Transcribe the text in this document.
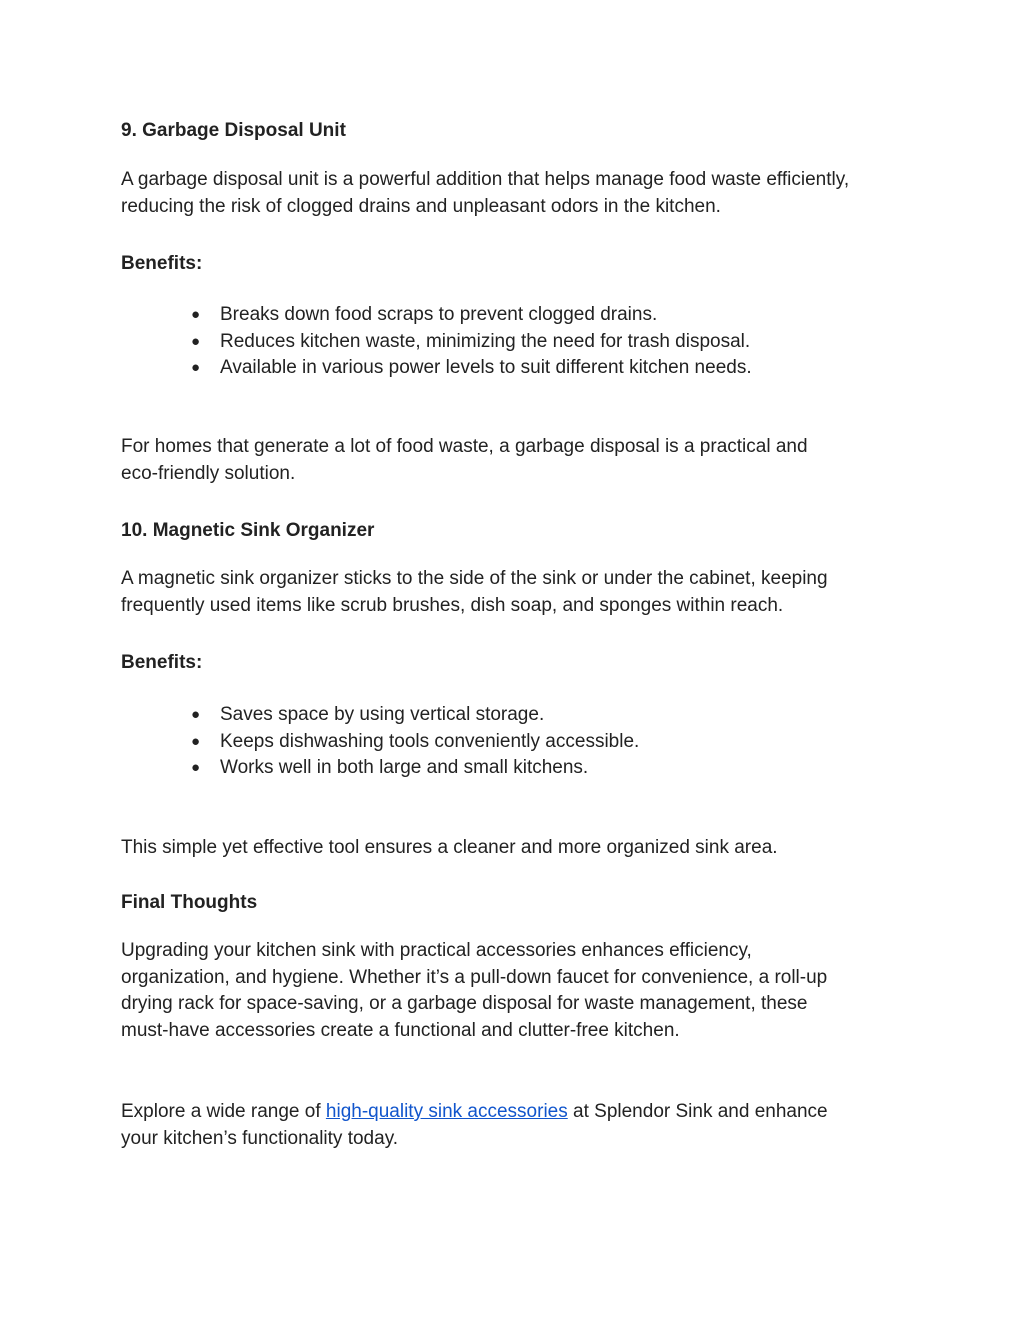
9. Garbage Disposal Unit
A garbage disposal unit is a powerful addition that helps manage food waste efficiently,
reducing the risk of clogged drains and unpleasant odors in the kitchen.
Benefits:
● Breaks down food scraps to prevent clogged drains.
● Reduces kitchen waste, minimizing the need for trash disposal.
● Available in various power levels to suit different kitchen needs.
For homes that generate a lot of food waste, a garbage disposal is a practical and
eco-friendly solution.
10. Magnetic Sink Organizer
A magnetic sink organizer sticks to the side of the sink or under the cabinet, keeping
frequently used items like scrub brushes, dish soap, and sponges within reach.
Benefits:
● Saves space by using vertical storage.
● Keeps dishwashing tools conveniently accessible.
● Works well in both large and small kitchens.
This simple yet effective tool ensures a cleaner and more organized sink area.
Final Thoughts
Upgrading your kitchen sink with practical accessories enhances efficiency,
organization, and hygiene. Whether it’s a pull-down faucet for convenience, a roll-up
drying rack for space-saving, or a garbage disposal for waste management, these
must-have accessories create a functional and clutter-free kitchen.
Explore a wide range of high-quality sink accessories at Splendor Sink and enhance
your kitchen’s functionality today.
